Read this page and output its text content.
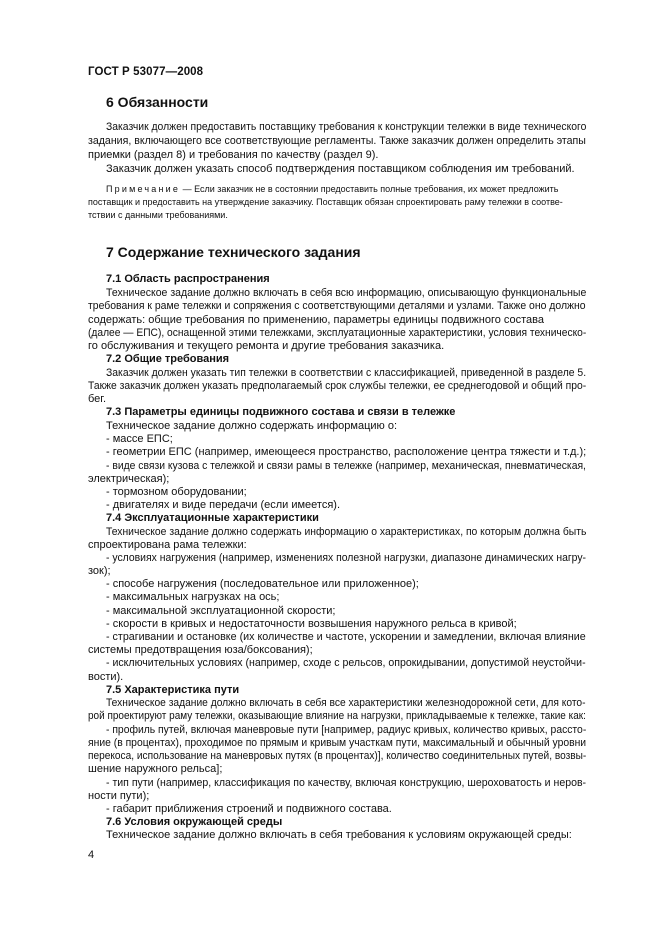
ГОСТ Р 53077—2008
6 Обязанности
Заказчик должен предоставить поставщику требования к конструкции тележки в виде технического
задания, включающего все соответствующие регламенты. Также заказчик должен определить этапы
приемки (раздел 8) и требования по качеству (раздел 9).
Заказчик должен указать способ подтверждения поставщиком соблюдения им требований.
Примечание — Если заказчик не в состоянии предоставить полные требования, их может предложить
поставщик и предоставить на утверждение заказчику. Поставщик обязан спроектировать раму тележки в соотве-
тствии с данными требованиями.
7 Содержание технического задания
7.1 Область распространения
Техническое задание должно включать в себя всю информацию, описывающую функциональные
требования к раме тележки и сопряжения с соответствующими деталями и узлами. Также оно должно
содержать: общие требования по применению, параметры единицы подвижного состава
(далее — ЕПС), оснащенной этими тележками, эксплуатационные характеристики, условия техническо-
го обслуживания и текущего ремонта и другие требования заказчика.
7.2 Общие требования
Заказчик должен указать тип тележки в соответствии с классификацией, приведенной в разделе 5.
Также заказчик должен указать предполагаемый срок службы тележки, ее среднегодовой и общий про-
бег.
7.3 Параметры единицы подвижного состава и связи в тележке
Техническое задание должно содержать информацию о:
- массе ЕПС;
- геометрии ЕПС (например, имеющееся пространство, расположение центра тяжести и т.д.);
- виде связи кузова с тележкой и связи рамы в тележке (например, механическая, пневматическая,
электрическая);
- тормозном оборудовании;
- двигателях и виде передачи (если имеется).
7.4 Эксплуатационные характеристики
Техническое задание должно содержать информацию о характеристиках, по которым должна быть
спроектирована рама тележки:
- условиях нагружения (например, изменениях полезной нагрузки, диапазоне динамических нагру-
зок);
- способе нагружения (последовательное или приложенное);
- максимальных нагрузках на ось;
- максимальной эксплуатационной скорости;
- скорости в кривых и недостаточности возвышения наружного рельса в кривой;
- страгивании и остановке (их количестве и частоте, ускорении и замедлении, включая влияние
системы предотвращения юза/боксования);
- исключительных условиях (например, сходе с рельсов, опрокидывании, допустимой неустойчи-
вости).
7.5 Характеристика пути
Техническое задание должно включать в себя все характеристики железнодорожной сети, для кото-
рой проектируют раму тележки, оказывающие влияние на нагрузки, прикладываемые к тележке, такие как:
- профиль путей, включая маневровые пути [например, радиус кривых, количество кривых, рассто-
яние (в процентах), проходимое по прямым и кривым участкам пути, максимальный и обычный уровни
перекоса, использование на маневровых путях (в процентах)], количество соединительных путей, возвы-
шение наружного рельса];
- тип пути (например, классификация по качеству, включая конструкцию, шероховатость и неров-
ности пути);
- габарит приближения строений и подвижного состава.
7.6 Условия окружающей среды
Техническое задание должно включать в себя требования к условиям окружающей среды:
4
